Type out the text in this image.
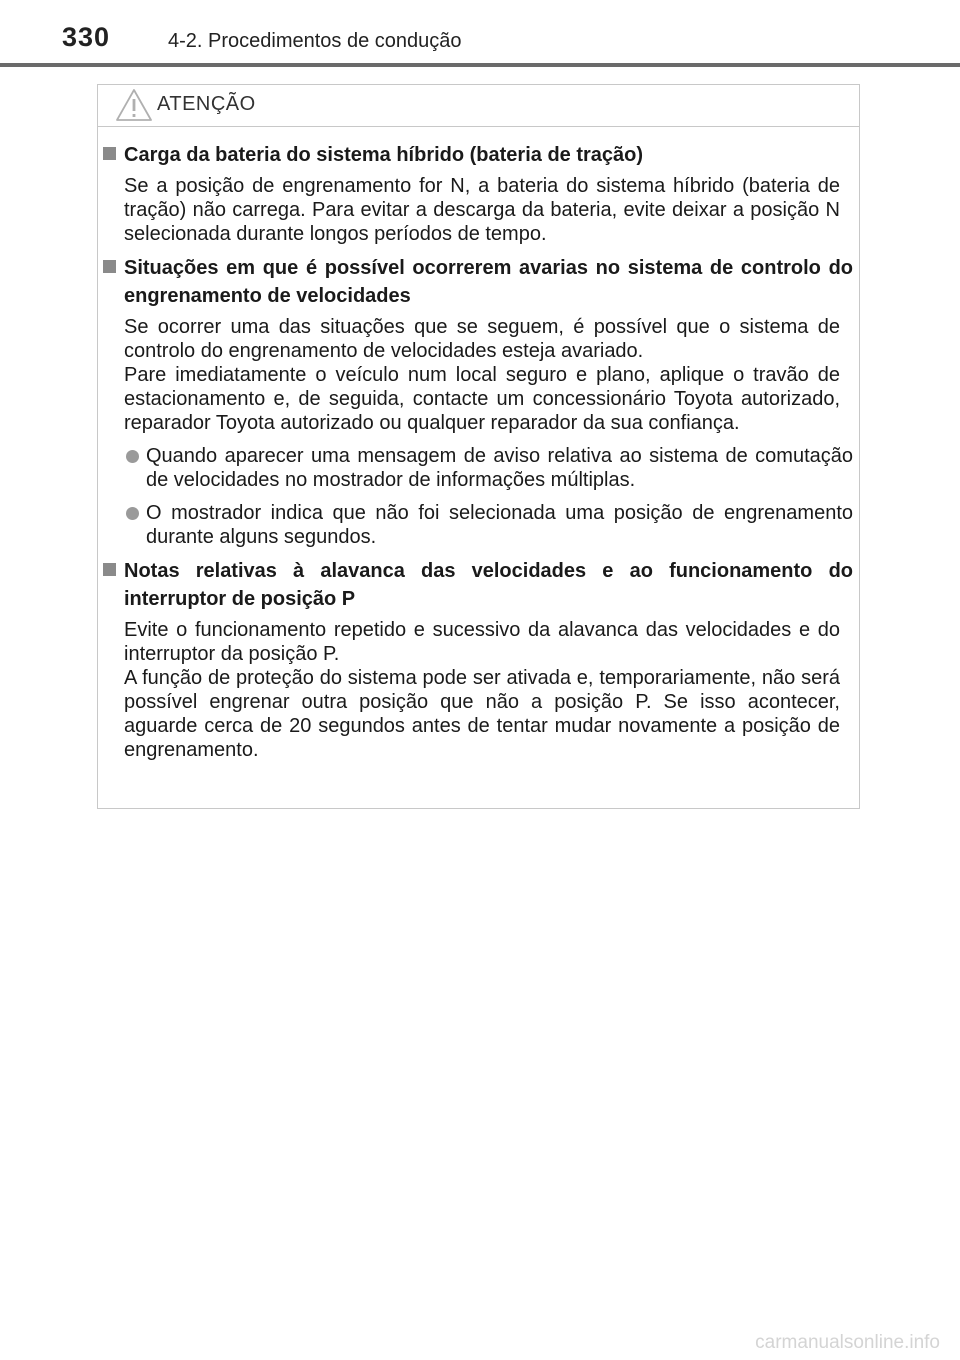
330	4-2. Procedimentos de condução
ATENÇÃO
Carga da bateria do sistema híbrido (bateria de tração)
Se a posição de engrenamento for N, a bateria do sistema híbrido (bateria de tração) não carrega. Para evitar a descarga da bateria, evite deixar a posição N selecionada durante longos períodos de tempo.
Situações em que é possível ocorrerem avarias no sistema de controlo do engrenamento de velocidades
Se ocorrer uma das situações que se seguem, é possível que o sistema de controlo do engrenamento de velocidades esteja avariado.
Pare imediatamente o veículo num local seguro e plano, aplique o travão de estacionamento e, de seguida, contacte um concessionário Toyota autorizado, reparador Toyota autorizado ou qualquer reparador da sua confiança.
Quando aparecer uma mensagem de aviso relativa ao sistema de comutação de velocidades no mostrador de informações múltiplas.
O mostrador indica que não foi selecionada uma posição de engrenamento durante alguns segundos.
Notas relativas à alavanca das velocidades e ao funcionamento do interruptor de posição P
Evite o funcionamento repetido e sucessivo da alavanca das velocidades e do interruptor da posição P.
A função de proteção do sistema pode ser ativada e, temporariamente, não será possível engrenar outra posição que não a posição P. Se isso acontecer, aguarde cerca de 20 segundos antes de tentar mudar novamente a posição de engrenamento.
carmanualsonline.info
